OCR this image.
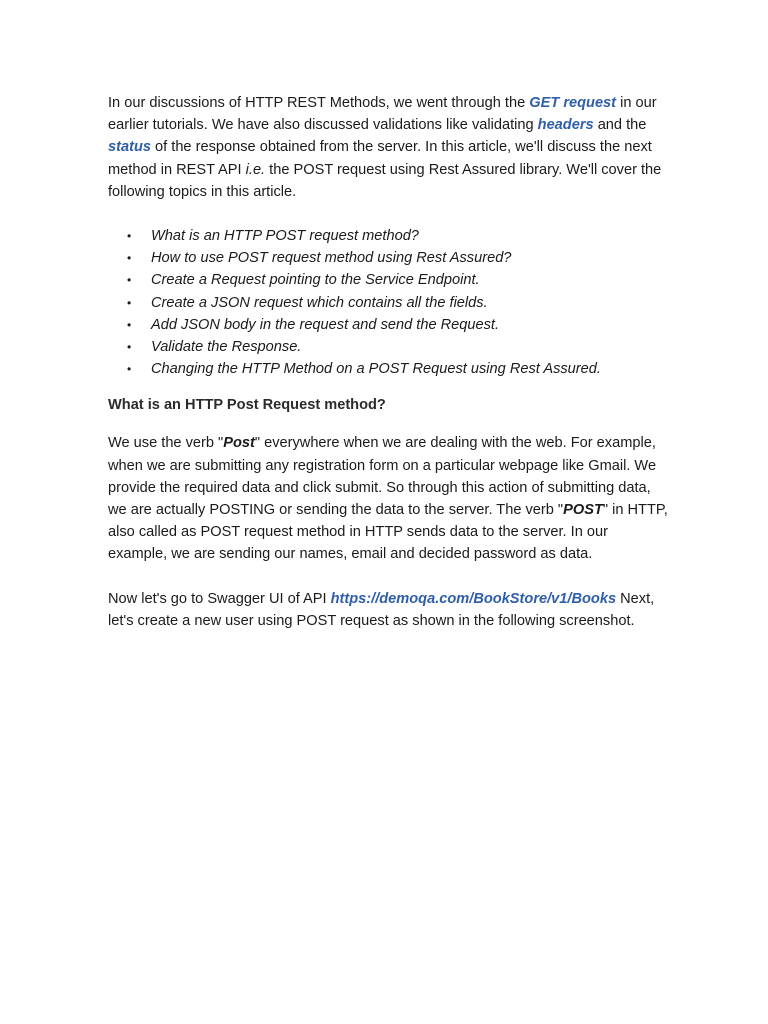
In our discussions of HTTP REST Methods, we went through the GET request in our earlier tutorials. We have also discussed validations like validating headers and the status of the response obtained from the server. In this article, we'll discuss the next method in REST API i.e. the POST request using Rest Assured library. We'll cover the following topics in this article.

• What is an HTTP POST request method?
• How to use POST request method using Rest Assured?
• Create a Request pointing to the Service Endpoint.
• Create a JSON request which contains all the fields.
• Add JSON body in the request and send the Request.
• Validate the Response.
• Changing the HTTP Method on a POST Request using Rest Assured.
What is an HTTP Post Request method?

We use the verb "Post" everywhere when we are dealing with the web. For example, when we are submitting any registration form on a particular webpage like Gmail. We provide the required data and click submit. So through this action of submitting data, we are actually POSTING or sending the data to the server. The verb "POST" in HTTP, also called as POST request method in HTTP sends data to the server. In our example, we are sending our names, email and decided password as data.

Now let's go to Swagger UI of API https://demoqa.com/BookStore/v1/Books Next, let's create a new user using POST request as shown in the following screenshot.
